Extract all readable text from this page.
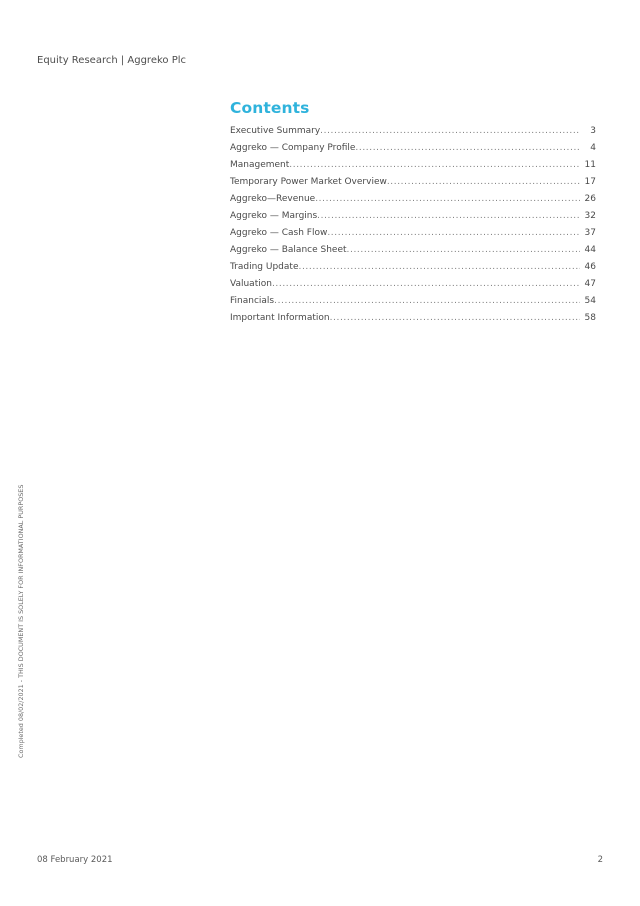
Equity Research | Aggreko Plc
Contents
Executive Summary .....	3
Aggreko — Company Profile .....	4
Management .....	11
Temporary Power Market Overview .....	17
Aggreko—Revenue .....	26
Aggreko — Margins .....	32
Aggreko — Cash Flow .....	37
Aggreko — Balance Sheet .....	44
Trading Update .....	46
Valuation .....	47
Financials .....	54
Important Information .....	58
Completed 08/02/2021 - THIS DOCUMENT IS SOLELY FOR INFORMATIONAL PURPOSES
08 February 2021	2
